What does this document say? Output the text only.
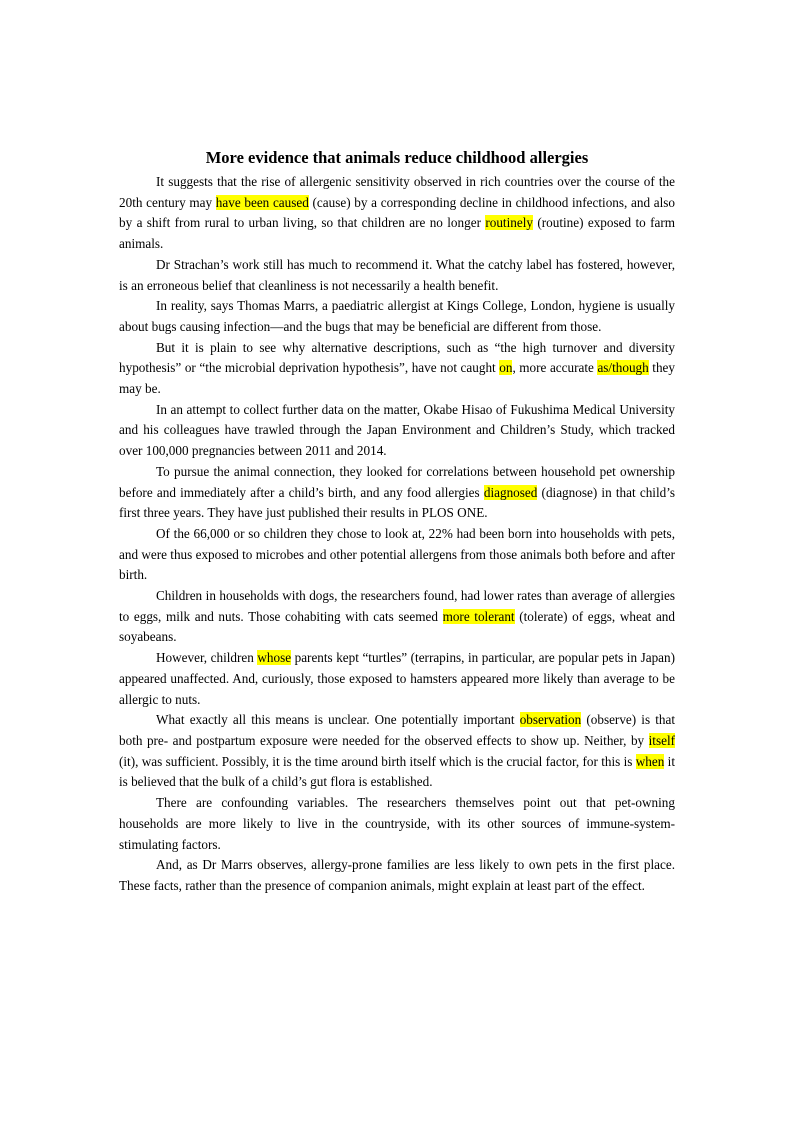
More evidence that animals reduce childhood allergies

It suggests that the rise of allergenic sensitivity observed in rich countries over the course of the 20th century may have been caused (cause) by a corresponding decline in childhood infections, and also by a shift from rural to urban living, so that children are no longer routinely (routine) exposed to farm animals.

Dr Strachan’s work still has much to recommend it. What the catchy label has fostered, however, is an erroneous belief that cleanliness is not necessarily a health benefit.

In reality, says Thomas Marrs, a paediatric allergist at Kings College, London, hygiene is usually about bugs causing infection—and the bugs that may be beneficial are different from those.

But it is plain to see why alternative descriptions, such as “the high turnover and diversity hypothesis” or “the microbial deprivation hypothesis”, have not caught on, more accurate as/though they may be.

In an attempt to collect further data on the matter, Okabe Hisao of Fukushima Medical University and his colleagues have trawled through the Japan Environment and Children’s Study, which tracked over 100,000 pregnancies between 2011 and 2014.

To pursue the animal connection, they looked for correlations between household pet ownership before and immediately after a child’s birth, and any food allergies diagnosed (diagnose) in that child’s first three years. They have just published their results in PLOS ONE.

Of the 66,000 or so children they chose to look at, 22% had been born into households with pets, and were thus exposed to microbes and other potential allergens from those animals both before and after birth.

Children in households with dogs, the researchers found, had lower rates than average of allergies to eggs, milk and nuts. Those cohabiting with cats seemed more tolerant (tolerate) of eggs, wheat and soyabeans.

However, children whose parents kept “turtles” (terrapins, in particular, are popular pets in Japan) appeared unaffected. And, curiously, those exposed to hamsters appeared more likely than average to be allergic to nuts.

What exactly all this means is unclear. One potentially important observation (observe) is that both pre- and postpartum exposure were needed for the observed effects to show up. Neither, by itself (it), was sufficient. Possibly, it is the time around birth itself which is the crucial factor, for this is when it is believed that the bulk of a child’s gut flora is established.

There are confounding variables. The researchers themselves point out that pet-owning households are more likely to live in the countryside, with its other sources of immune-system-stimulating factors.

And, as Dr Marrs observes, allergy-prone families are less likely to own pets in the first place. These facts, rather than the presence of companion animals, might explain at least part of the effect.
